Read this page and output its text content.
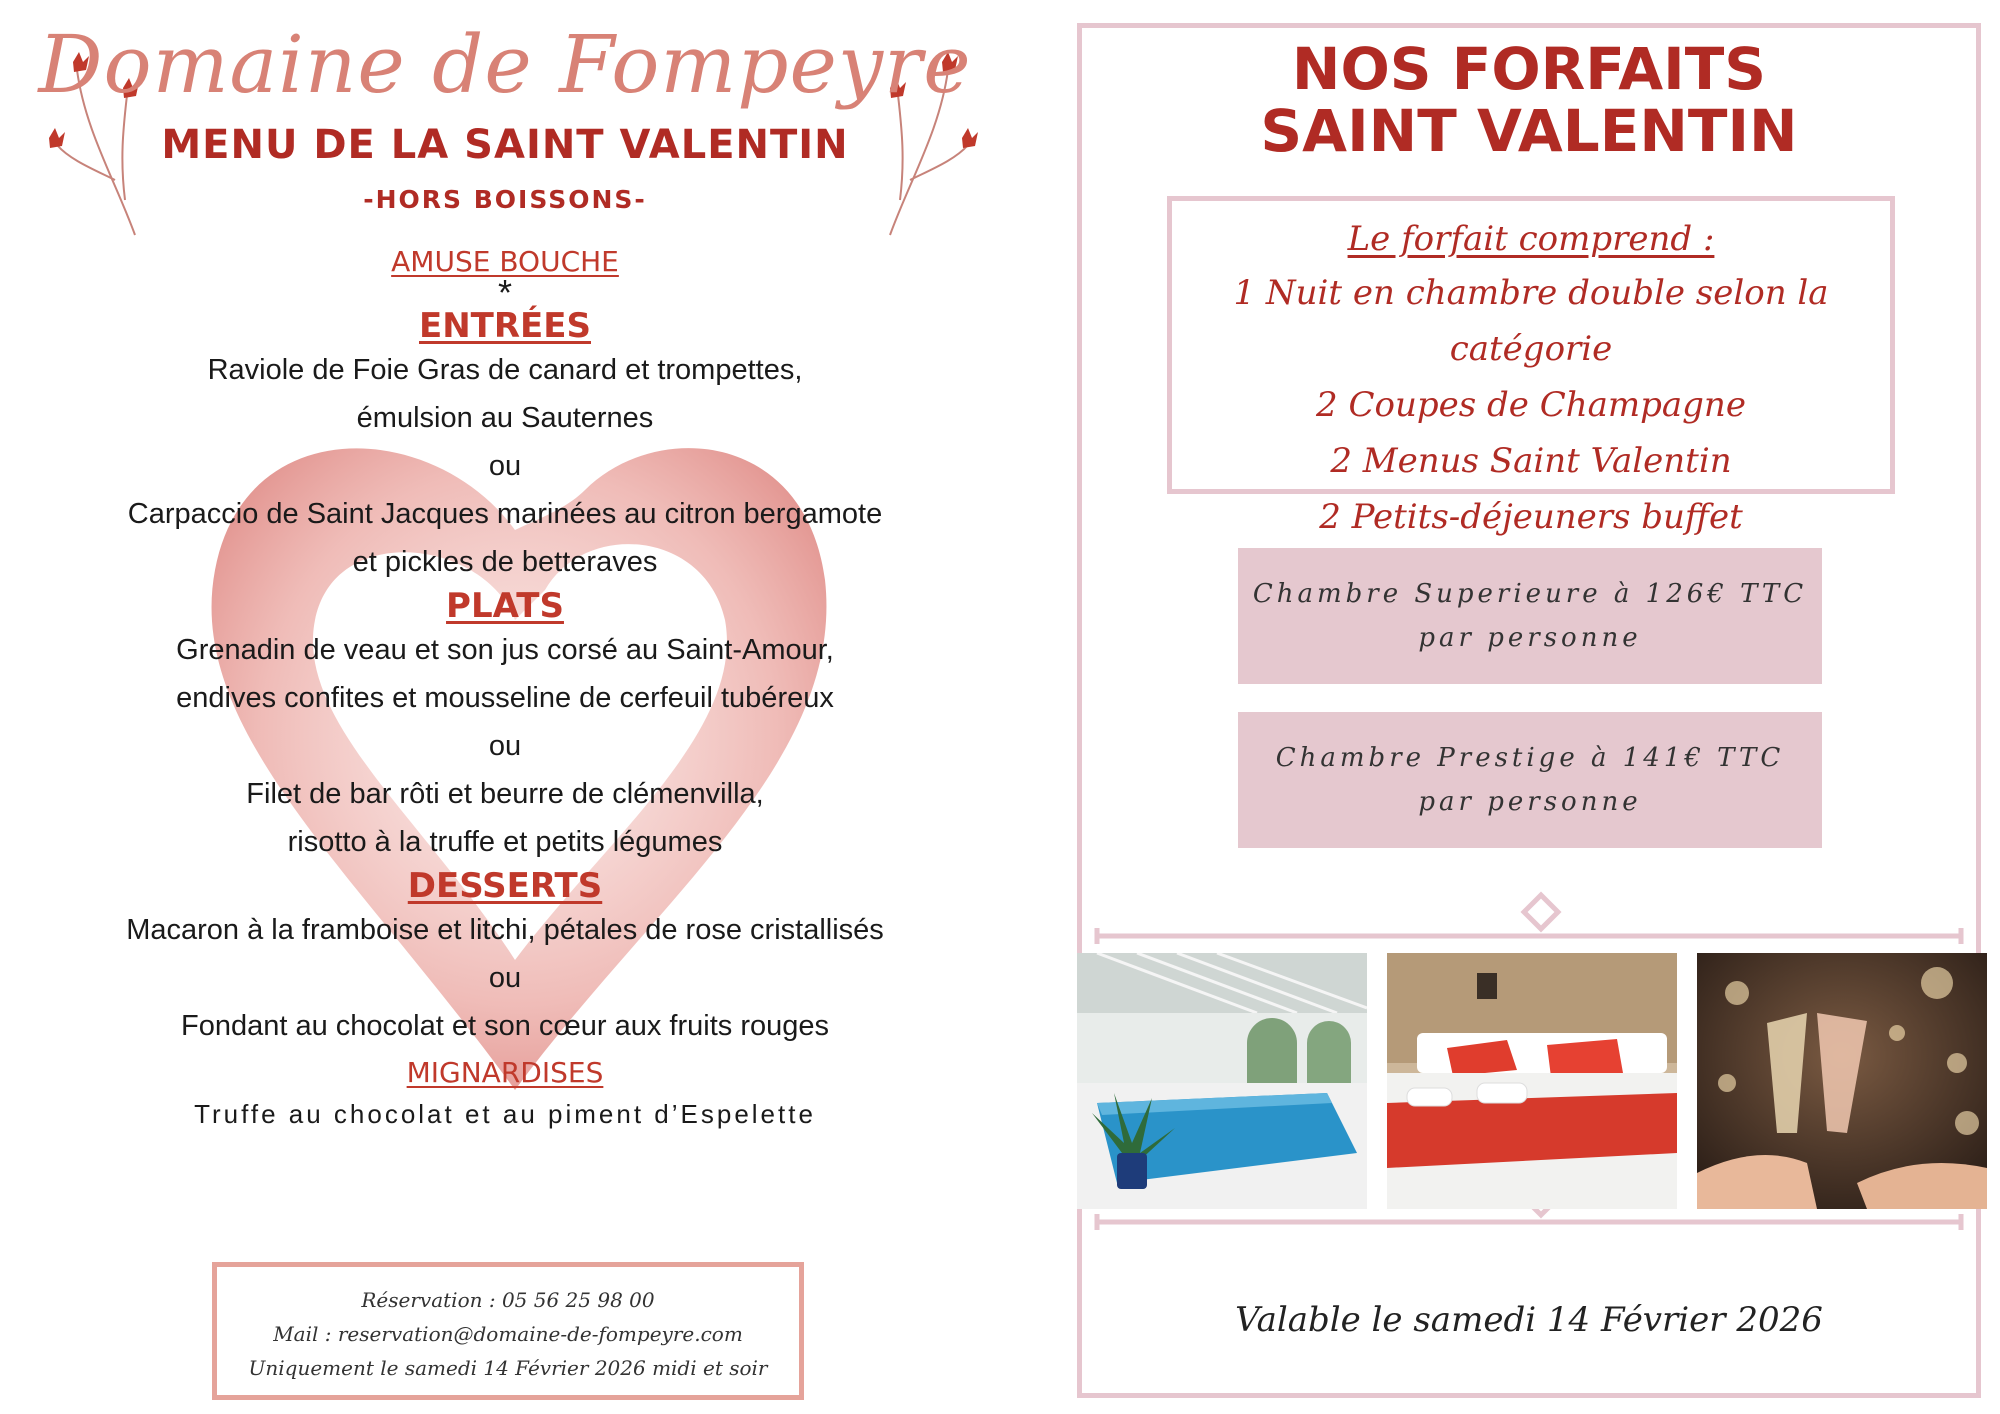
Domaine de Fompeyre
MENU DE LA SAINT VALENTIN
-HORS BOISSONS-
AMUSE BOUCHE
*
ENTRÉES
Raviole de Foie Gras de canard et trompettes,
émulsion au Sauternes
ou
Carpaccio de Saint Jacques marinées au citron bergamote
et pickles de betteraves
PLATS
Grenadin de veau et son jus corsé au Saint-Amour,
endives confites et mousseline de cerfeuil tubéreux
ou
Filet de bar rôti et beurre de clémenvilla,
risotto à la truffe et petits légumes
DESSERTS
Macaron à la framboise et litchi, pétales de rose cristallisés
ou
Fondant au chocolat et son cœur aux fruits rouges
MIGNARDISES
Truffe au chocolat et au piment d’Espelette
Réservation : 05 56 25 98 00
Mail : reservation@domaine-de-fompeyre.com
Uniquement le samedi 14 Février 2026 midi et soir
NOS FORFAITS
SAINT VALENTIN
Le forfait comprend :
1 Nuit en chambre double selon la catégorie
2 Coupes de Champagne
2 Menus Saint Valentin
2 Petits-déjeuners buffet
Chambre Superieure à 126€ TTC
par personne
Chambre Prestige à 141€ TTC
par personne
Valable le samedi 14 Février 2026
